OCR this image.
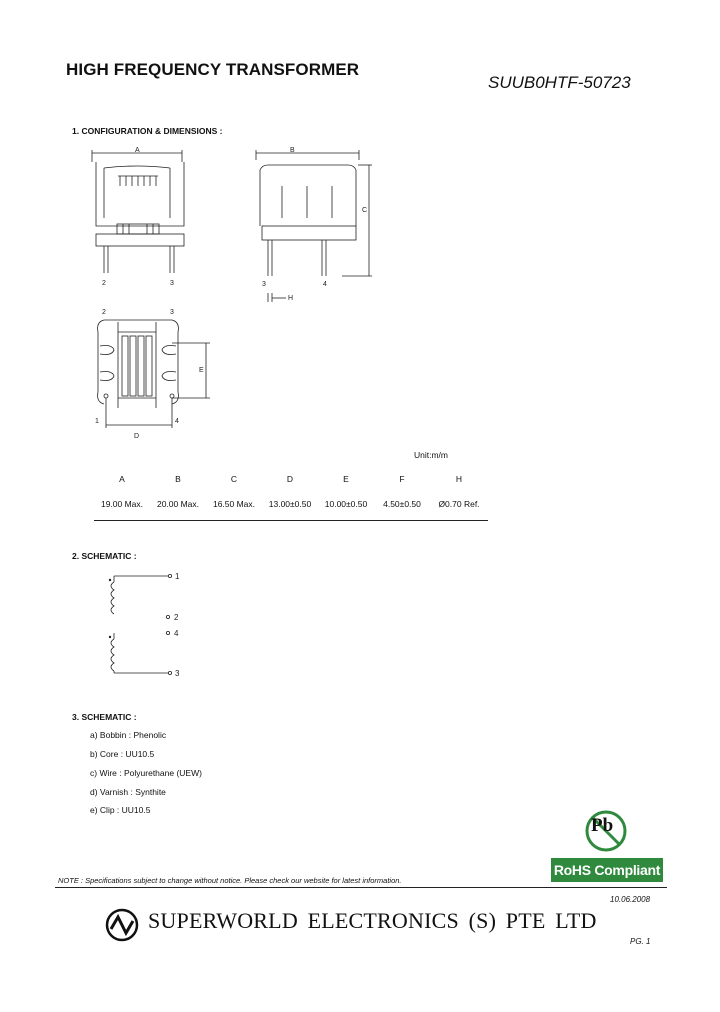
HIGH FREQUENCY TRANSFORMER
SUUB0HTF-50723
1. CONFIGURATION & DIMENSIONS :
A	B
C
D
E
H
2	3	3	4
2	3
1	4
Unit:m/m
A	B	C	D	E	F	H
19.00 Max.	20.00 Max.	16.50 Max.	13.00±0.50	10.00±0.50	4.50±0.50	Ø0.70 Ref.
2. SCHEMATIC :
1
2
4
3
3. SCHEMATIC :
a) Bobbin : Phenolic
b) Core : UU10.5
c) Wire : Polyurethane (UEW)
d) Varnish : Synthite
e) Clip : UU10.5
Pb
RoHS Compliant
NOTE : Specifications subject to change without notice. Please check our website for latest information.
10.06.2008
SUPERWORLD ELECTRONICS (S) PTE LTD
PG. 1
